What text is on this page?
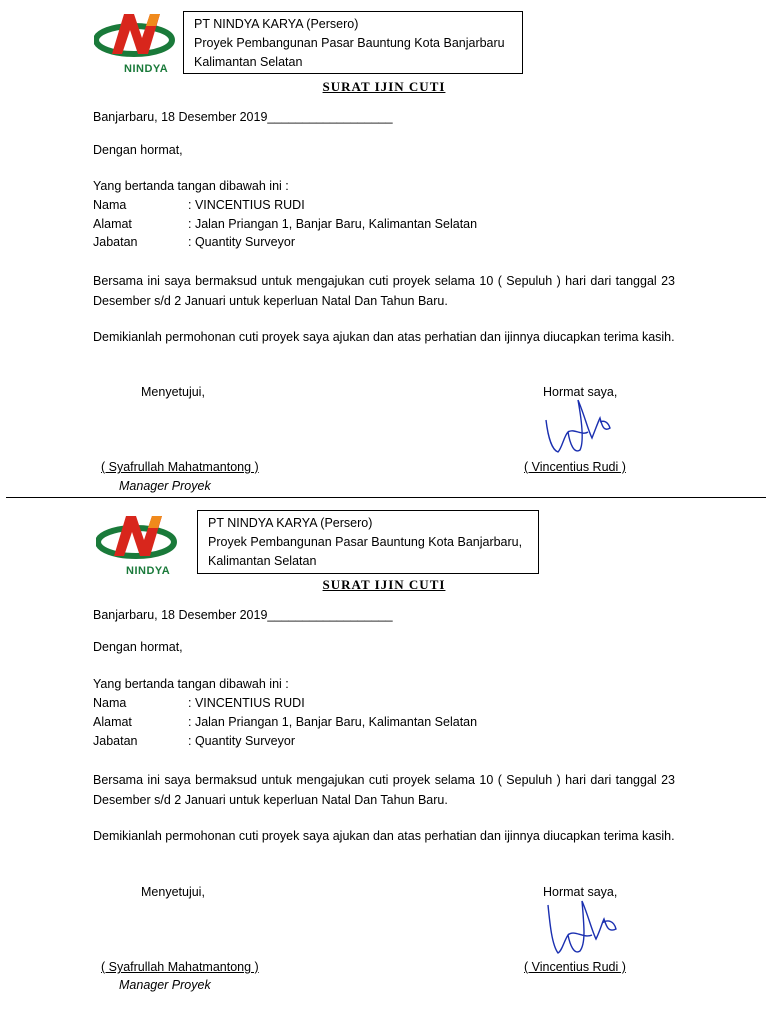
NINDYA
PT NINDYA KARYA (Persero)
Proyek Pembangunan Pasar Bauntung Kota Banjarbaru
Kalimantan Selatan
SURAT IJIN CUTI
Banjarbaru, 18 Desember 2019__________________
Dengan hormat,
Yang bertanda tangan dibawah ini :
Nama	: VINCENTIUS RUDI
Alamat	: Jalan Priangan 1, Banjar Baru, Kalimantan Selatan
Jabatan	: Quantity Surveyor
Bersama ini saya bermaksud untuk mengajukan cuti proyek selama 10 ( Sepuluh ) hari dari tanggal 23 Desember s/d 2 Januari untuk keperluan Natal Dan Tahun Baru.
Demikianlah permohonan cuti proyek saya ajukan dan atas perhatian dan ijinnya diucapkan terima kasih.
Menyetujui,	Hormat saya,
( Syafrullah Mahatmantong )	( Vincentius Rudi )
Manager Proyek
NINDYA
PT NINDYA KARYA (Persero)
Proyek Pembangunan Pasar Bauntung Kota Banjarbaru,
Kalimantan Selatan
SURAT IJIN CUTI
Banjarbaru, 18 Desember 2019__________________
Dengan hormat,
Yang bertanda tangan dibawah ini :
Nama	: VINCENTIUS RUDI
Alamat	: Jalan Priangan 1, Banjar Baru, Kalimantan Selatan
Jabatan	: Quantity Surveyor
Bersama ini saya bermaksud untuk mengajukan cuti proyek selama 10 ( Sepuluh ) hari dari tanggal 23 Desember s/d 2 Januari untuk keperluan Natal Dan Tahun Baru.
Demikianlah permohonan cuti proyek saya ajukan dan atas perhatian dan ijinnya diucapkan terima kasih.
Menyetujui,	Hormat saya,
( Syafrullah Mahatmantong )	( Vincentius Rudi )
Manager Proyek
